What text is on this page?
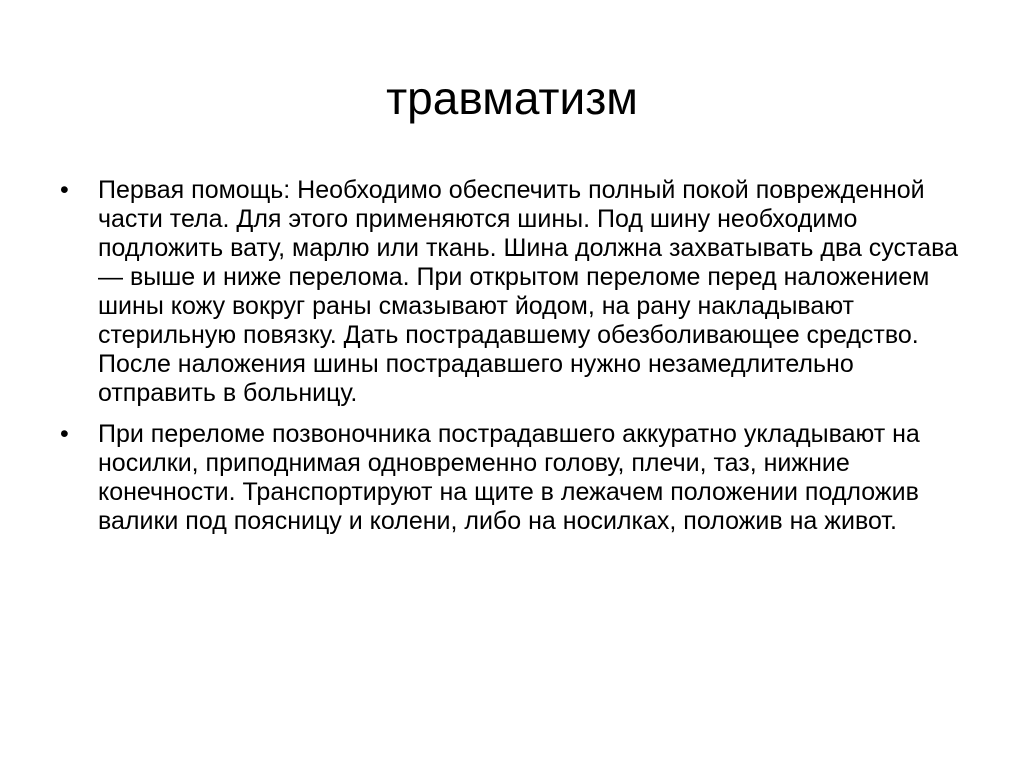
травматизм
• Первая помощь: Необходимо обеспечить полный покой поврежденной части тела. Для этого применяются шины. Под шину необходимо подложить вату, марлю или ткань. Шина должна захватывать два сустава — выше и ниже перелома. При открытом переломе перед наложением шины кожу вокруг раны смазывают йодом, на рану накладывают стерильную повязку. Дать пострадавшему обезболивающее средство. После наложения шины пострадавшего нужно незамедлительно отправить в больницу.
• При переломе позвоночника пострадавшего аккуратно укладывают на носилки, приподнимая одновременно голову, плечи, таз, нижние конечности. Транспортируют на щите в лежачем положении подложив валики под поясницу и колени, либо на носилках, положив на живот.
